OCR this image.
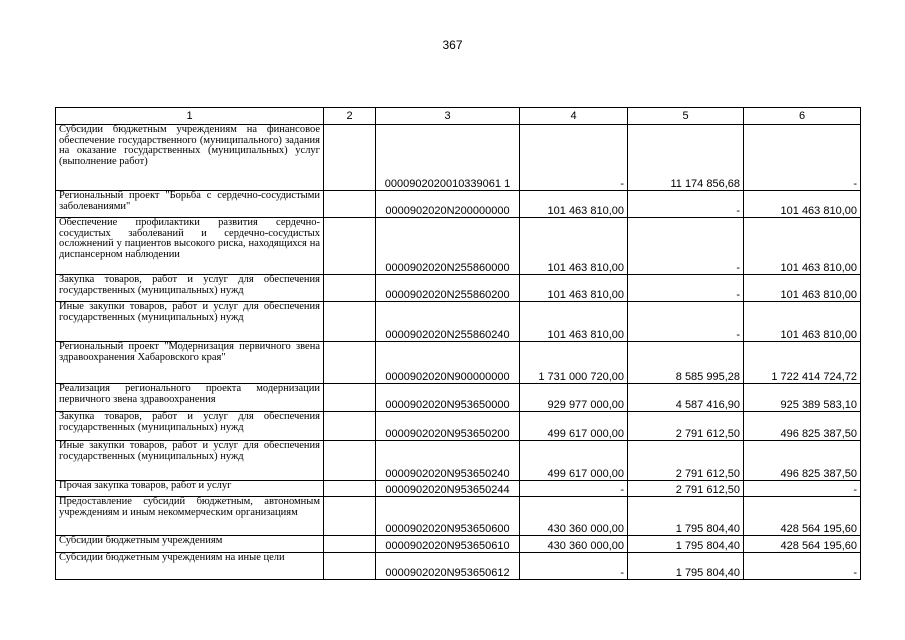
367
1	2	3	4	5	6
Субсидии бюджетным учреждениям на финансовое обеспечение государственного (муниципального) задания на оказание государственных (муниципальных) услуг (выполнение работ)		0000902020010339061 1	-	11 174 856,68	-
Региональный проект "Борьба с сердечно-сосудистыми заболеваниями"		0000902020N200000000	101 463 810,00	-	101 463 810,00
Обеспечение профилактики развития сердечно-сосудистых заболеваний и сердечно-сосудистых осложнений у пациентов высокого риска, находящихся на диспансерном наблюдении		0000902020N255860000	101 463 810,00	-	101 463 810,00
Закупка товаров, работ и услуг для обеспечения государственных (муниципальных) нужд		0000902020N255860200	101 463 810,00	-	101 463 810,00
Иные закупки товаров, работ и услуг для обеспечения государственных (муниципальных) нужд		0000902020N255860240	101 463 810,00	-	101 463 810,00
Региональный проект "Модернизация первичного звена здравоохранения Хабаровского края"		0000902020N900000000	1 731 000 720,00	8 585 995,28	1 722 414 724,72
Реализация регионального проекта модернизации первичного звена здравоохранения		0000902020N953650000	929 977 000,00	4 587 416,90	925 389 583,10
Закупка товаров, работ и услуг для обеспечения государственных (муниципальных) нужд		0000902020N953650200	499 617 000,00	2 791 612,50	496 825 387,50
Иные закупки товаров, работ и услуг для обеспечения государственных (муниципальных) нужд		0000902020N953650240	499 617 000,00	2 791 612,50	496 825 387,50
Прочая закупка товаров, работ и услуг		0000902020N953650244	-	2 791 612,50	-
Предоставление субсидий бюджетным, автономным учреждениям и иным некоммерческим организациям		0000902020N953650600	430 360 000,00	1 795 804,40	428 564 195,60
Субсидии бюджетным учреждениям		0000902020N953650610	430 360 000,00	1 795 804,40	428 564 195,60
Субсидии бюджетным учреждениям на иные цели		0000902020N953650612	-	1 795 804,40	-
